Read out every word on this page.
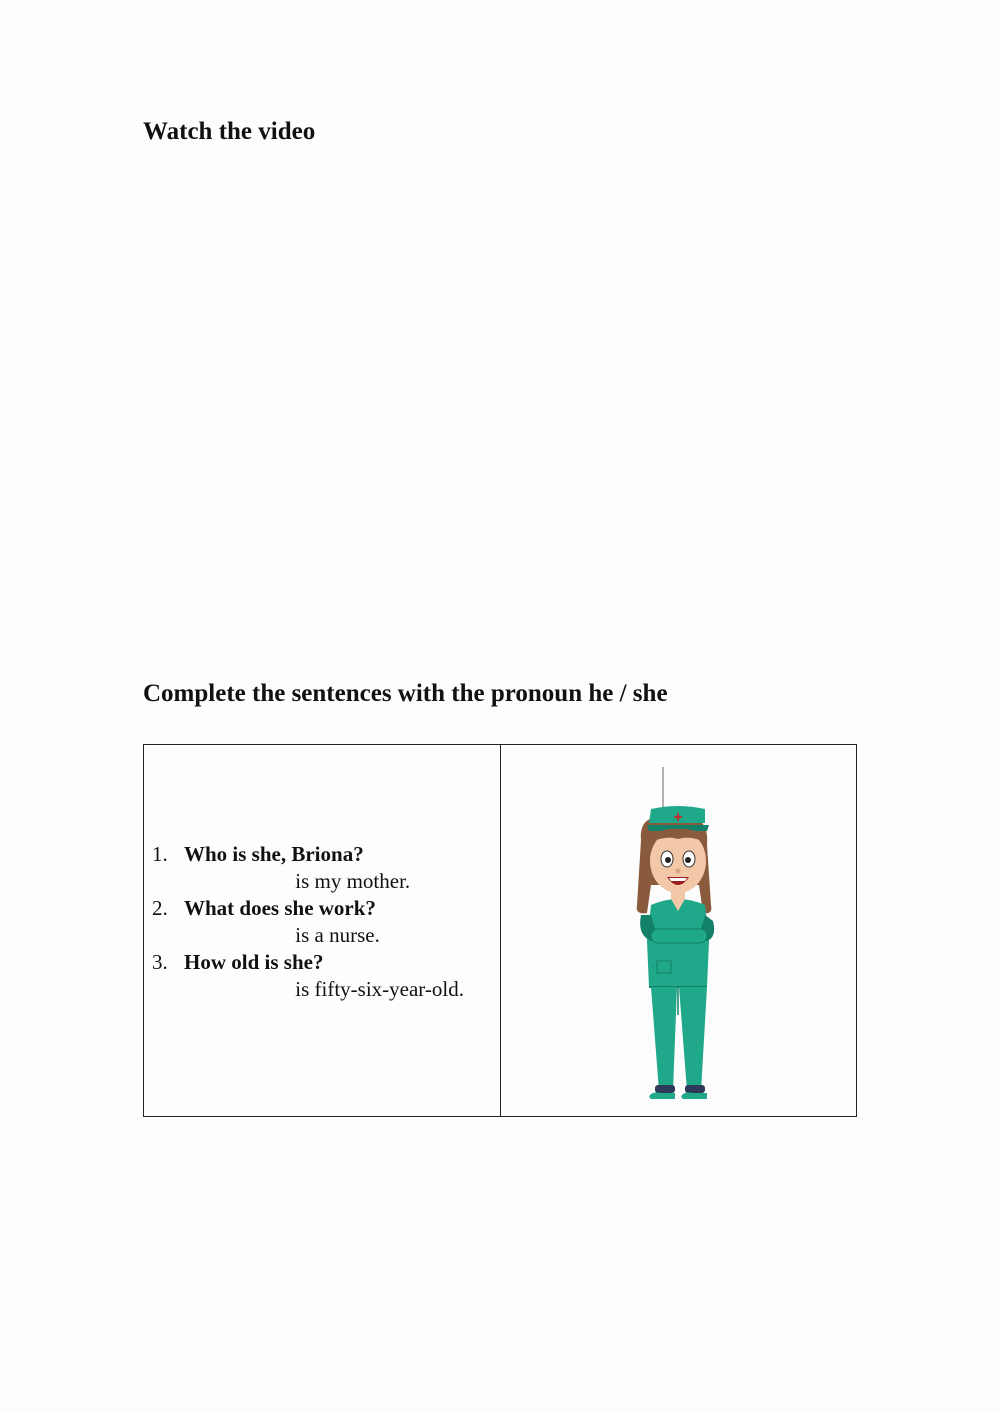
Watch the video
Complete the sentences with the pronoun he / she
1. Who is she, Briona?
is my mother.
2. What does she work?
is a nurse.
3. How old is she?
is fifty-six-year-old.
